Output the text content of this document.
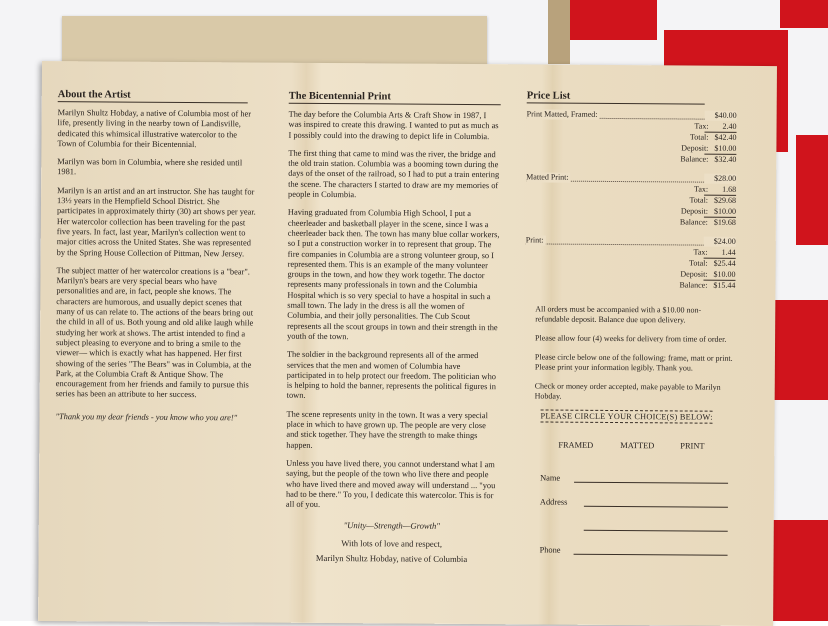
About the Artist

Marilyn Shultz Hobday, a native of Columbia most of her life, presently living in the nearby town of Landisville, dedicated this whimsical illustrative watercolor to the Town of Columbia for their Bicentennial.

Marilyn was born in Columbia, where she resided until 1981.

Marilyn is an artist and an art instructor. She has taught for 13½ years in the Hempfield School District. She participates in approximately thirty (30) art shows per year. Her watercolor collection has been traveling for the past five years. In fact, last year, Marilyn's collection went to major cities across the United States. She was represented by the Spring House Collection of Pittman, New Jersey.

The subject matter of her watercolor creations is a "bear". Marilyn's bears are very special bears who have personalities and are, in fact, people she knows. The characters are humorous, and usually depict scenes that many of us can relate to. The actions of the bears bring out the child in all of us. Both young and old alike laugh while studying her work at shows. The artist intended to find a subject pleasing to everyone and to bring a smile to the viewer— which is exactly what has happened. Her first showing of the series "The Bears" was in Columbia, at the Park, at the Columbia Craft & Antique Show. The encouragement from her friends and family to pursue this series has been an attribute to her success.

"Thank you my dear friends - you know who you are!"

The Bicentennial Print

The day before the Columbia Arts & Craft Show in 1987, I was inspired to create this drawing. I wanted to put as much as I possibly could into the drawing to depict life in Columbia.

The first thing that came to mind was the river, the bridge and the old train station. Columbia was a booming town during the days of the onset of the railroad, so I had to put a train entering the scene. The characters I started to draw are my memories of people in Columbia.

Having graduated from Columbia High School, I put a cheerleader and basketball player in the scene, since I was a cheerleader back then. The town has many blue collar workers, so I put a construction worker in to represent that group. The fire companies in Columbia are a strong volunteer group, so I represented them. This is an example of the many volunteer groups in the town, and how they work togethr. The doctor represents many professionals in town and the Columbia Hospital which is so very special to have a hospital in such a small town. The lady in the dress is all the women of Columbia, and their jolly personalities. The Cub Scout represents all the scout groups in town and their strength in the youth of the town.

The soldier in the background represents all of the armed services that the men and women of Columbia have participated in to help protect our freedom. The politician who is helping to hold the banner, represents the political figures in town.

The scene represents unity in the town. It was a very special place in which to have grown up. The people are very close and stick together. They have the strength to make things happen.

Unless you have lived there, you cannot understand what I am saying, but the people of the town who live there and people who have lived there and moved away will understand ... "you had to be there." To you, I dedicate this watercolor. This is for all of you.

"Unity—Strength—Growth"
With lots of love and respect,
Marilyn Shultz Hobday, native of Columbia
Price List
Print Matted, Framed:	$40.00
Tax:	2.40
Total: $42.40
Deposit: $10.00
Balance: $32.40
Matted Print:	$28.00
Tax:	1.68
Total: $29.68
Deposit: $10.00
Balance: $19.68
Print:	$24.00
Tax:	1.44
Total: $25.44
Deposit: $10.00
Balance: $15.44

All orders must be accompanied with a $10.00 non-refundable deposit. Balance due upon delivery.

Please allow four (4) weeks for delivery from time of order.

Please circle below one of the following: frame, matt or print. Please print your information legibly. Thank you.

Check or money order accepted, make payable to Marilyn Hobday.

PLEASE CIRCLE YOUR CHOICE(S) BELOW:
FRAMED	MATTED	PRINT
Name
Address
Phone
